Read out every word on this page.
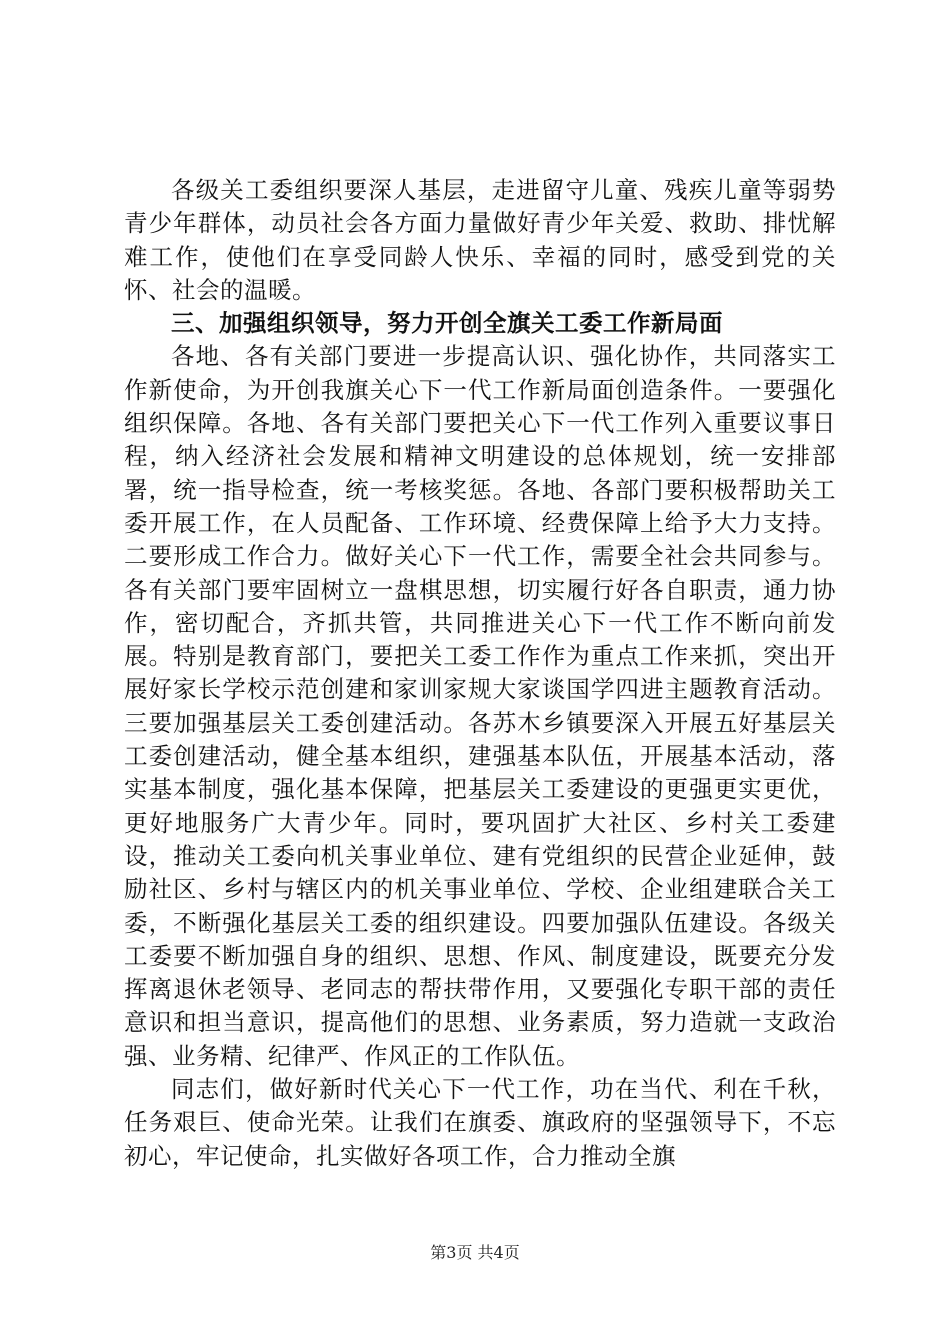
各级关工委组织要深人基层，走进留守儿童、残疾儿童等弱势青少年群体，动员社会各方面力量做好青少年关爱、救助、排忧解难工作，使他们在享受同龄人快乐、幸福的同时，感受到党的关怀、社会的温暖。

三、加强组织领导，努力开创全旗关工委工作新局面

各地、各有关部门要进一步提高认识、强化协作，共同落实工作新使命，为开创我旗关心下一代工作新局面创造条件。一要强化组织保障。各地、各有关部门要把关心下一代工作列入重要议事日程，纳入经济社会发展和精神文明建设的总体规划，统一安排部署，统一指导检查，统一考核奖惩。各地、各部门要积极帮助关工委开展工作，在人员配备、工作环境、经费保障上给予大力支持。二要形成工作合力。做好关心下一代工作，需要全社会共同参与。各有关部门要牢固树立一盘棋思想，切实履行好各自职责，通力协作，密切配合，齐抓共管，共同推进关心下一代工作不断向前发展。特别是教育部门，要把关工委工作作为重点工作来抓，突出开展好家长学校示范创建和家训家规大家谈国学四进主题教育活动。三要加强基层关工委创建活动。各苏木乡镇要深入开展五好基层关工委创建活动，健全基本组织，建强基本队伍，开展基本活动，落实基本制度，强化基本保障，把基层关工委建设的更强更实更优，更好地服务广大青少年。同时，要巩固扩大社区、乡村关工委建设，推动关工委向机关事业单位、建有党组织的民营企业延伸，鼓励社区、乡村与辖区内的机关事业单位、学校、企业组建联合关工委，不断强化基层关工委的组织建设。四要加强队伍建设。各级关工委要不断加强自身的组织、思想、作风、制度建设，既要充分发挥离退休老领导、老同志的帮扶带作用，又要强化专职干部的责任意识和担当意识，提高他们的思想、业务素质，努力造就一支政治强、业务精、纪律严、作风正的工作队伍。

同志们，做好新时代关心下一代工作，功在当代、利在千秋，任务艰巨、使命光荣。让我们在旗委、旗政府的坚强领导下，不忘初心，牢记使命，扎实做好各项工作，合力推动全旗

第3页 共4页
